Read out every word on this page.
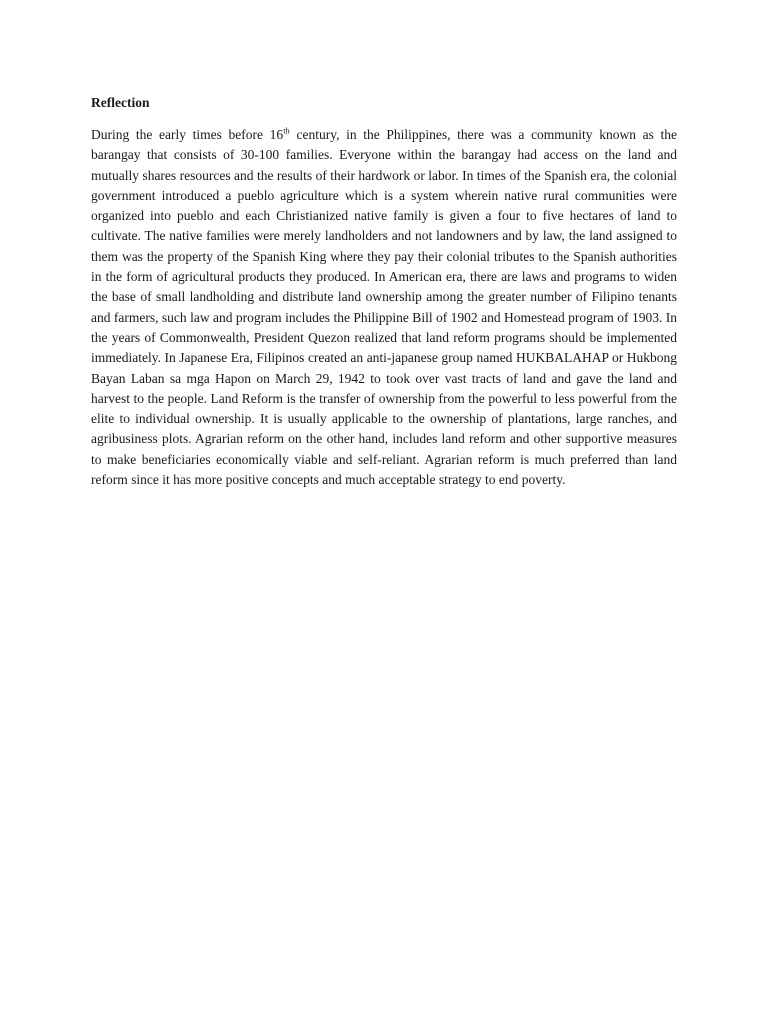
Reflection

During the early times before 16th century, in the Philippines, there was a community known as the barangay that consists of 30-100 families. Everyone within the barangay had access on the land and mutually shares resources and the results of their hardwork or labor. In times of the Spanish era, the colonial government introduced a pueblo agriculture which is a system wherein native rural communities were organized into pueblo and each Christianized native family is given a four to five hectares of land to cultivate. The native families were merely landholders and not landowners and by law, the land assigned to them was the property of the Spanish King where they pay their colonial tributes to the Spanish authorities in the form of agricultural products they produced. In American era, there are laws and programs to widen the base of small landholding and distribute land ownership among the greater number of Filipino tenants and farmers, such law and program includes the Philippine Bill of 1902 and Homestead program of 1903. In the years of Commonwealth, President Quezon realized that land reform programs should be implemented immediately. In Japanese Era, Filipinos created an anti-japanese group named HUKBALAHAP or Hukbong Bayan Laban sa mga Hapon on March 29, 1942 to took over vast tracts of land and gave the land and harvest to the people. Land Reform is the transfer of ownership from the powerful to less powerful from the elite to individual ownership. It is usually applicable to the ownership of plantations, large ranches, and agribusiness plots. Agrarian reform on the other hand, includes land reform and other supportive measures to make beneficiaries economically viable and self-reliant. Agrarian reform is much preferred than land reform since it has more positive concepts and much acceptable strategy to end poverty.
